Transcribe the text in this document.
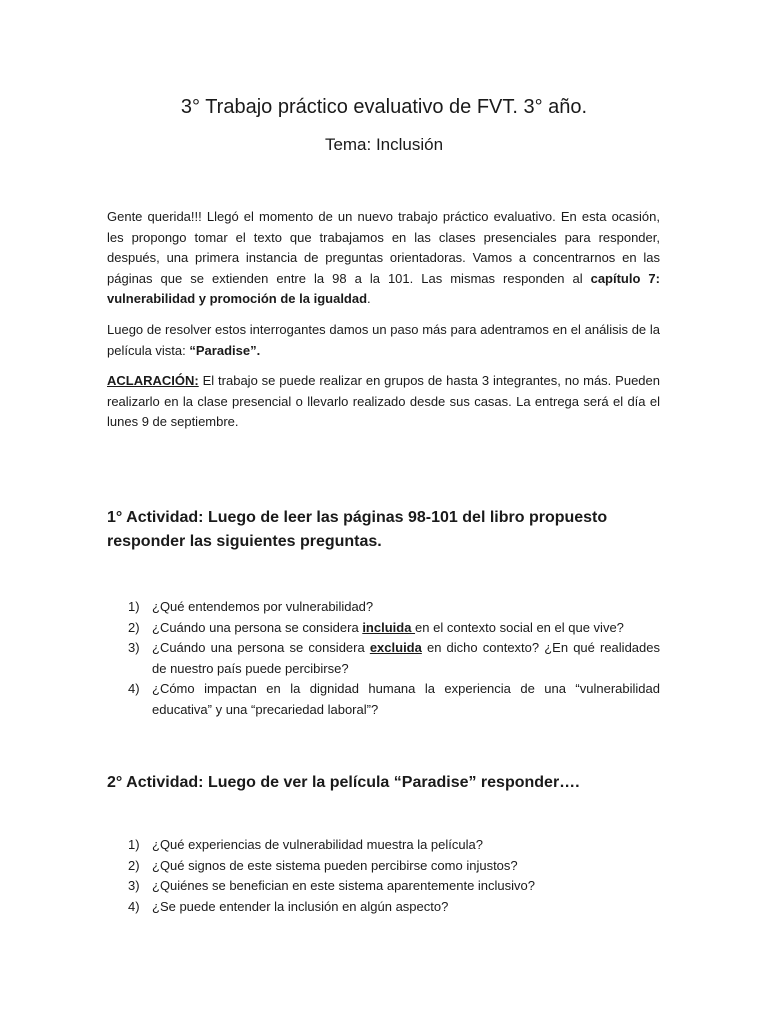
3° Trabajo práctico evaluativo de FVT. 3° año.
Tema: Inclusión

Gente querida!!! Llegó el momento de un nuevo trabajo práctico evaluativo. En esta ocasión, les propongo tomar el texto que trabajamos en las clases presenciales para responder, después, una primera instancia de preguntas orientadoras. Vamos a concentrarnos en las páginas que se extienden entre la 98 a la 101. Las mismas responden al capítulo 7: vulnerabilidad y promoción de la igualdad.

Luego de resolver estos interrogantes damos un paso más para adentramos en el análisis de la película vista: “Paradise”.

ACLARACIÓN: El trabajo se puede realizar en grupos de hasta 3 integrantes, no más. Pueden realizarlo en la clase presencial o llevarlo realizado desde sus casas. La entrega será el día el lunes 9 de septiembre.

1° Actividad: Luego de leer las páginas 98-101 del libro propuesto responder las siguientes preguntas.
1) ¿Qué entendemos por vulnerabilidad?
2) ¿Cuándo una persona se considera incluida en el contexto social en el que vive?
3) ¿Cuándo una persona se considera excluida en dicho contexto? ¿En qué realidades de nuestro país puede percibirse?
4) ¿Cómo impactan en la dignidad humana la experiencia de una “vulnerabilidad educativa” y una “precariedad laboral”?
2° Actividad: Luego de ver la película “Paradise” responder….
1) ¿Qué experiencias de vulnerabilidad muestra la película?
2) ¿Qué signos de este sistema pueden percibirse como injustos?
3) ¿Quiénes se benefician en este sistema aparentemente inclusivo?
4) ¿Se puede entender la inclusión en algún aspecto?
